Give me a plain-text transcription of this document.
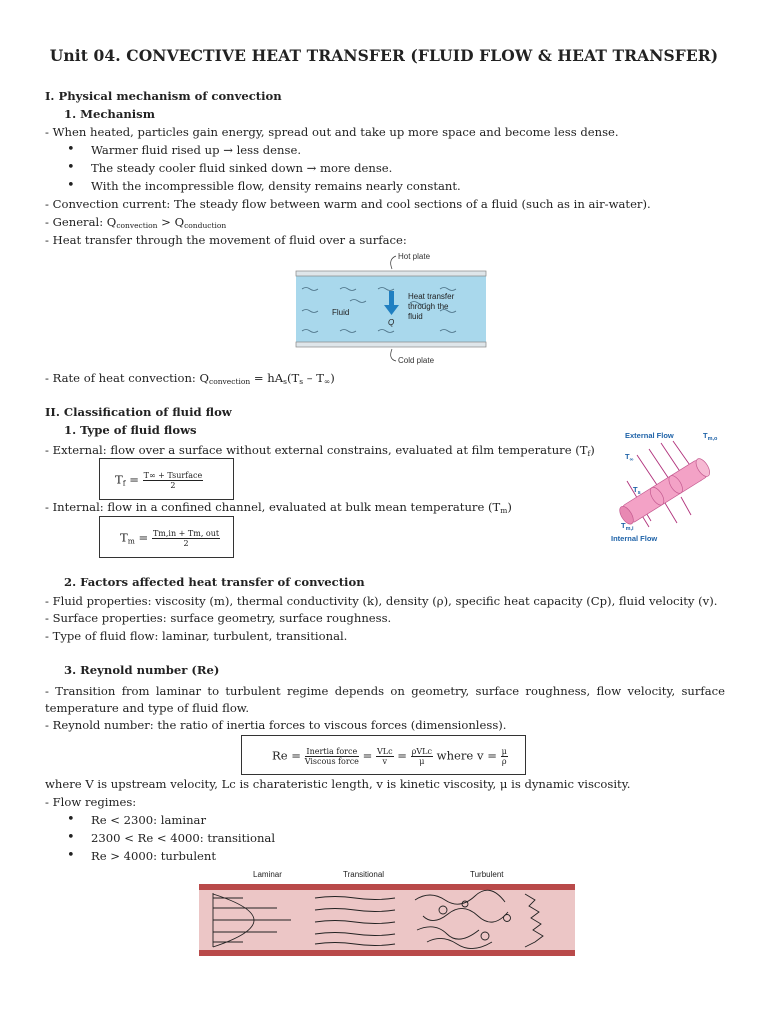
Unit 04. CONVECTIVE HEAT TRANSFER (FLUID FLOW & HEAT TRANSFER)
I. Physical mechanism of convection
1. Mechanism
- When heated, particles gain energy, spread out and take up more space and become less dense.
• Warmer fluid rised up → less dense.
• The steady cooler fluid sinked down → more dense.
• With the incompressible flow, density remains nearly constant.
- Convection current: The steady flow between warm and cool sections of a fluid (such as in air-water).
- General: $Q_{convection} > Q_{conduction}$
- Heat transfer through the movement of fluid over a surface:
Hot plate
Cold plate
Fluid
Q
Heat transfer
through the
fluid
- Rate of heat convection: $Q_{convection} = hA_s(T_s - T_\infty)$
II. Classification of fluid flow
1. Type of fluid flows
- External: flow over a surface without external constrains, evaluated at film temperature $(T_f)$
$T_f = \frac{\text{T∞ + Tsurface}}{2}$
- Internal: flow in a confined channel, evaluated at bulk mean temperature $(T_m)$
$T_m = \frac{\text{Tm,in + Tm, out}}{2}$
External Flow	$T_{m,o}$
$T_\infty$
$T_s$
$T_{m,i}$
Internal Flow
2. Factors affected heat transfer of convection
- Fluid properties: viscosity (m), thermal conductivity (k), density (ρ), specific heat capacity (Cp), fluid velocity (v).
- Surface properties: surface geometry, surface roughness.
- Type of fluid flow: laminar, turbulent, transitional.
3. Reynold number (Re)
- Transition from laminar to turbulent regime depends on geometry, surface roughness, flow velocity, surface temperature and type of fluid flow.
- Reynold number: the ratio of inertia forces to viscous forces (dimensionless).
$Re = \frac{\text{Inertia force}}{\text{Viscous force}} = \frac{\text{VLc}}{v} = \frac{\text{ρVLc}}{\mu}$ where $v = \frac{\mu}{\rho}$
where V is upstream velocity, Lc is charateristic length, v is kinetic viscosity, μ is dynamic viscosity.
- Flow regimes:
• Re < 2300: laminar
• 2300 < Re < 4000: transitional
• Re > 4000: turbulent
Laminar	Transitional	Turbulent
